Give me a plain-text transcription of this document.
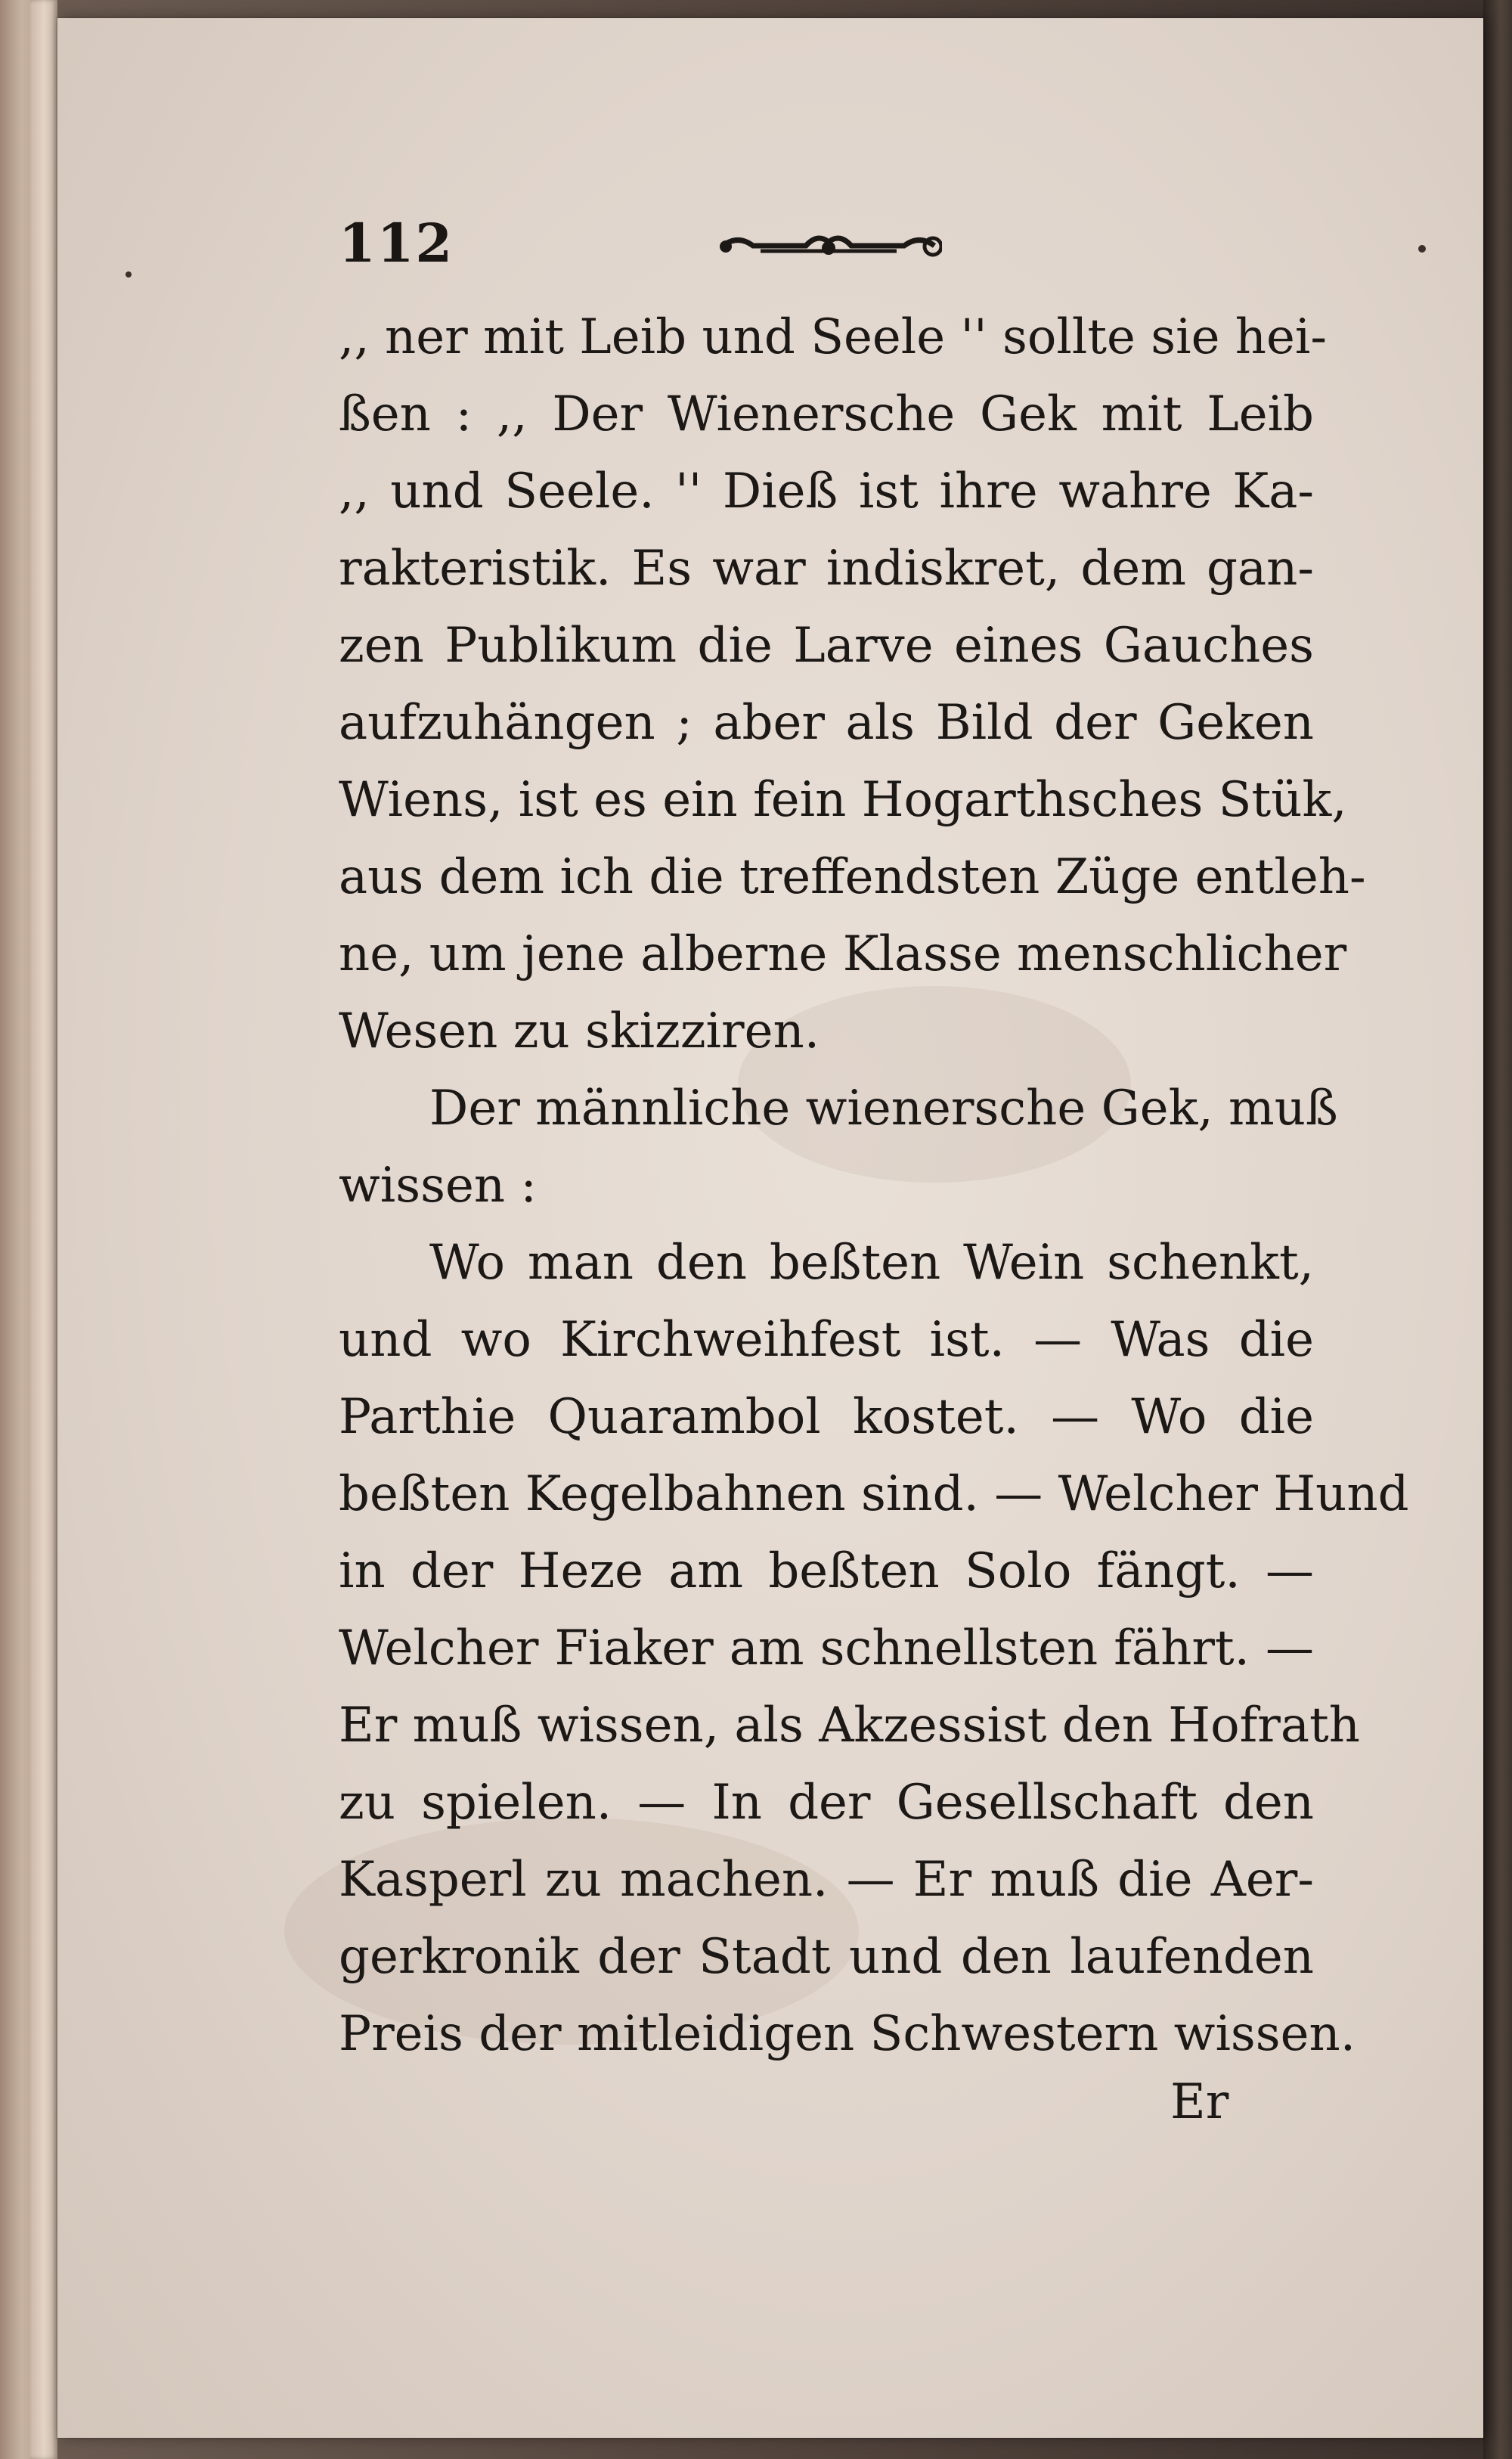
112
,, ner mit Leib und Seele '' sollte sie hei-
ßen : ,, Der Wienersche Gek mit Leib
,, und Seele. '' Dieß ist ihre wahre Ka-
rakteristik. Es war indiskret, dem gan-
zen Publikum die Larve eines Gauches
aufzuhängen ; aber als Bild der Geken
Wiens, ist es ein fein Hogarthsches Stük,
aus dem ich die treffendsten Züge entleh-
ne, um jene alberne Klasse menschlicher
Wesen zu skizziren.
Der männliche wienersche Gek, muß
wissen :
Wo man den beßten Wein schenkt,
und wo Kirchweihfest ist. — Was die
Parthie Quarambol kostet. — Wo die
beßten Kegelbahnen sind. — Welcher Hund
in der Heze am beßten Solo fängt. —
Welcher Fiaker am schnellsten fährt. —
Er muß wissen, als Akzessist den Hofrath
zu spielen. — In der Gesellschaft den
Kasperl zu machen. — Er muß die Aer-
gerkronik der Stadt und den laufenden
Preis der mitleidigen Schwestern wissen.
Er
